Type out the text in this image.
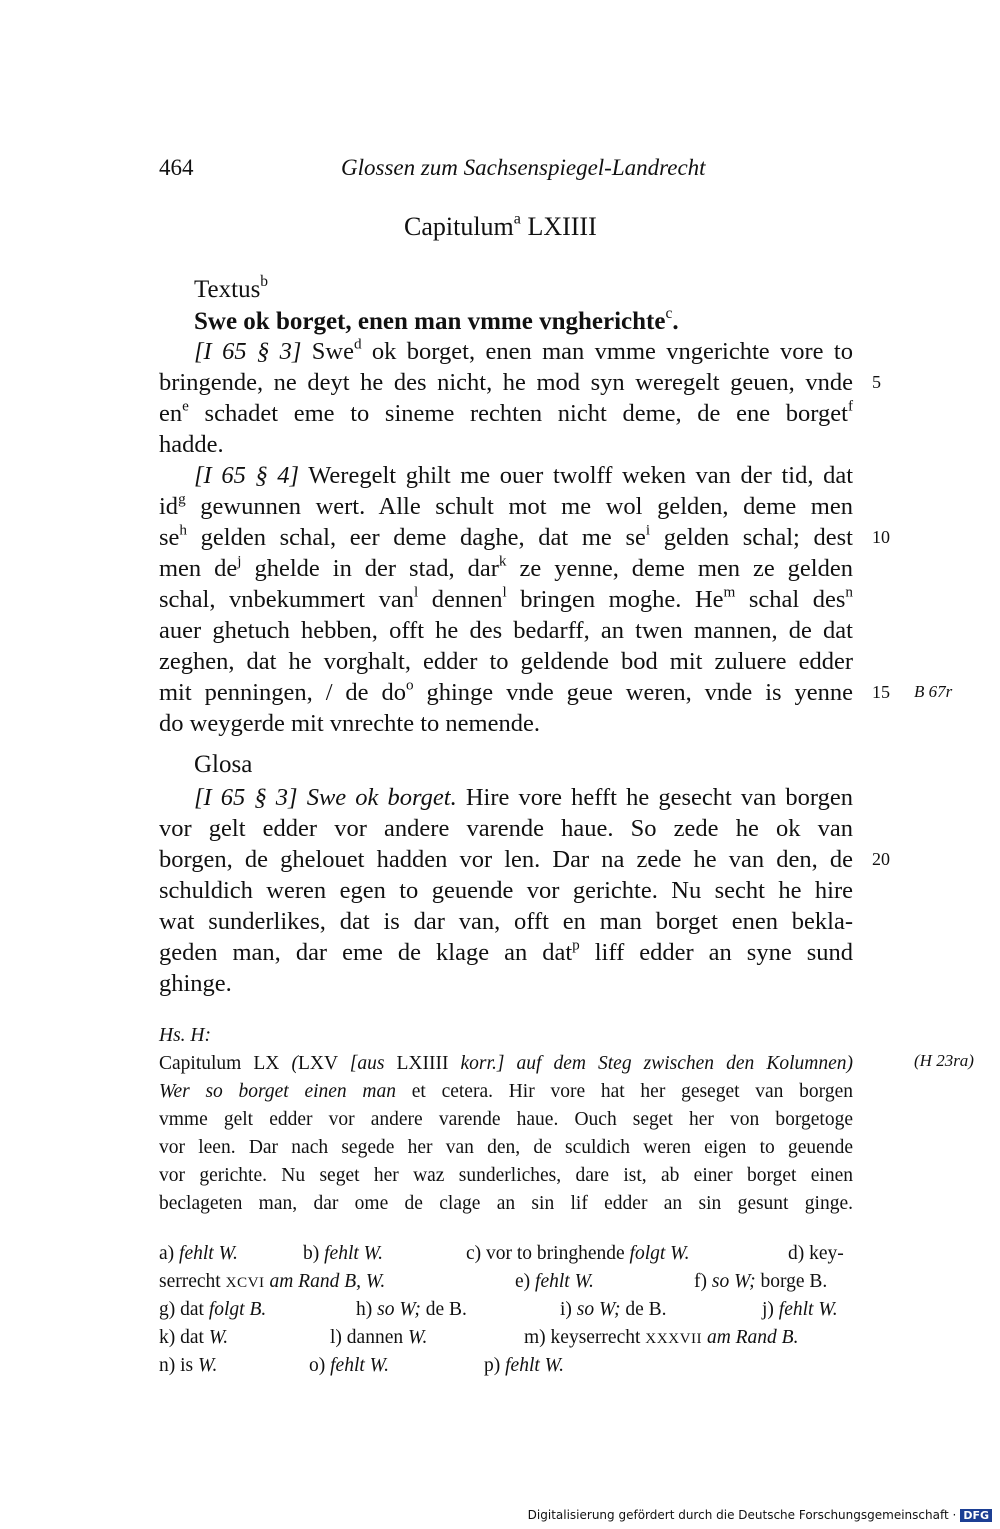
464	Glossen zum Sachsenspiegel-Landrecht
Capitulum$^a$ LXIIII
Textus$^b$
Swe ok borget, enen man vmme vngherichte$^c$.
[I 65 § 3] Swe$^d$ ok borget, enen man vmme vngerichte vore to
bringende, ne deyt he des nicht, he mod syn weregelt geuen, vnde
$en^e$ schadet eme to sineme rechten nicht deme, de ene borget$^f$
hadde.
[I 65 § 4] Weregelt ghilt me ouer twolff weken van der tid, dat
$id^g$ gewunnen wert. Alle schult mot me wol gelden, deme men
$se^h$ gelden schal, eer deme daghe, dat me $se^i$ gelden schal; dest
men $de^j$ ghelde in der stad, dar$^k$ ze yenne, deme men ze gelden
schal, vnbekummert van$^l$ dennen$^l$ bringen moghe. He$^m$ schal des$^n$
auer ghetuch hebben, offt he des bedarff, an twen mannen, de dat
zeghen, dat he vorghalt, edder to geldende bod mit zuluere edder
mit penningen, / de $do^o$ ghinge vnde geue weren, vnde is yenne
do weygerde mit vnrechte to nemende.
Glosa
[I 65 § 3] Swe ok borget. Hire vore hefft he gesecht van borgen
vor gelt edder vor andere varende haue. So zede he ok van
borgen, de ghelouet hadden vor len. Dar na zede he van den, de
schuldich weren egen to geuende vor gerichte. Nu secht he hire
wat sunderlikes, dat is dar van, offt en man borget enen bekla-
geden man, dar eme de klage an dat$^p$ liff edder an syne sund
ghinge.
5
10
15
20
B 67r
(H 23ra)
Hs. H:
Capitulum LX (LXV [aus LXIIII korr.] auf dem Steg zwischen den Kolumnen)
Wer so borget einen man et cetera. Hir vore hat her geseget van borgen
vmme gelt edder vor andere varende haue. Ouch seget her von borgetoge
vor leen. Dar nach segede her van den, de sculdich weren eigen to geuende
vor gerichte. Nu seget her waz sunderliches, dare ist, ab einer borget einen
beclageten man, dar ome de clage an sin lif edder an sin gesunt ginge.
a) fehlt W.	b) fehlt W.	c) vor to bringhende folgt W.	d) key-
serrecht XCVI am Rand B, W.	e) fehlt W.	f) so W; borge B.
g) dat folgt B.	h) so W; de B.	i) so W; de B.	j) fehlt W.
k) dat W.	l) dannen W.	m) keyserrecht XXXVII am Rand B.
n) is W.	o) fehlt W.	p) fehlt W.
Digitalisierung gefördert durch die Deutsche Forschungsgemeinschaft · DFG
